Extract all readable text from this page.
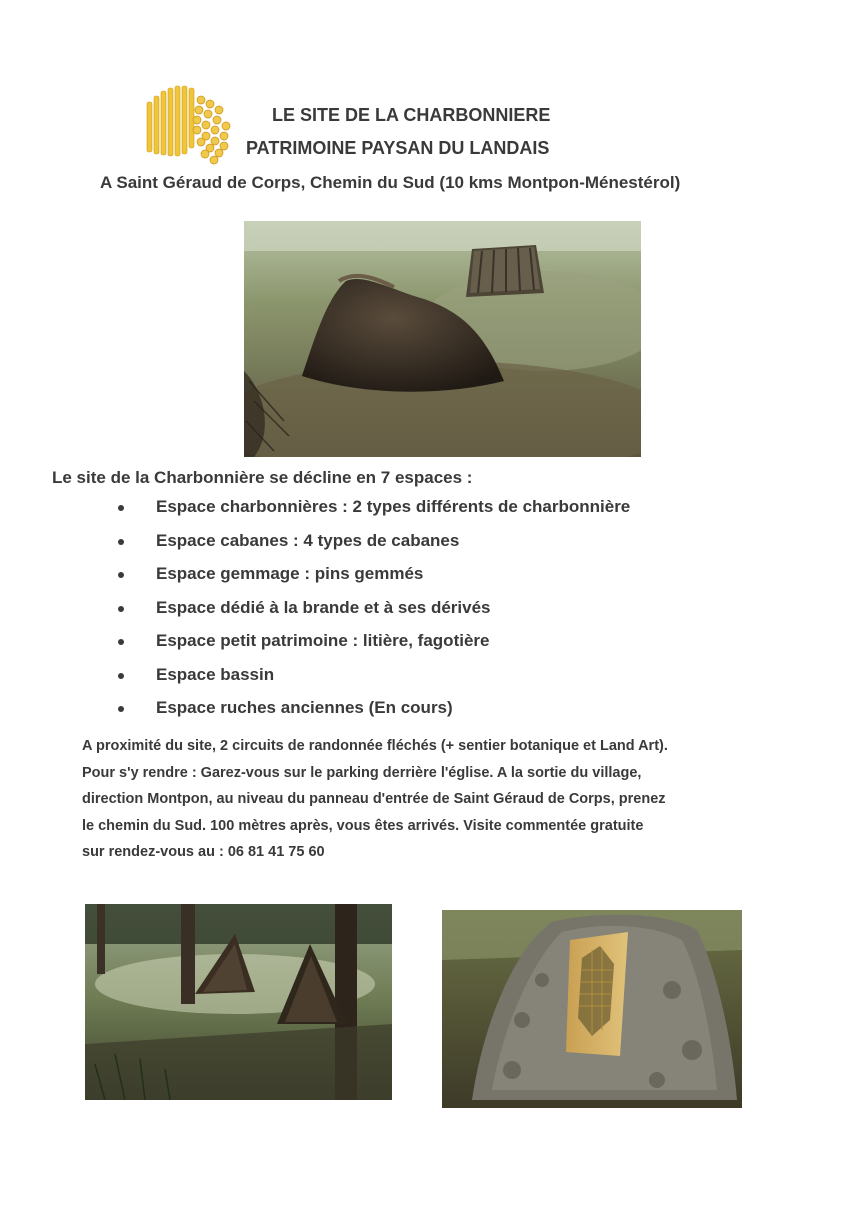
LE SITE DE LA CHARBONNIERE
PATRIMOINE PAYSAN DU LANDAIS
A Saint Géraud de Corps, Chemin du Sud (10 kms Montpon-Ménestérol)
Le site de la Charbonnière se décline en 7 espaces :
Espace charbonnières : 2 types différents de charbonnière
Espace cabanes : 4 types de cabanes
Espace gemmage : pins gemmés
Espace dédié à la brande et à ses dérivés
Espace petit patrimoine : litière, fagotière
Espace bassin
Espace ruches anciennes (En cours)
A proximité du site, 2 circuits de randonnée fléchés (+ sentier botanique et Land Art).
Pour s'y rendre : Garez-vous sur le parking derrière l'église. A la sortie du village,
direction Montpon, au niveau du panneau d'entrée de Saint Géraud de Corps, prenez
le chemin du Sud. 100 mètres après, vous êtes arrivés. Visite commentée gratuite
sur rendez-vous au : 06 81 41 75 60
